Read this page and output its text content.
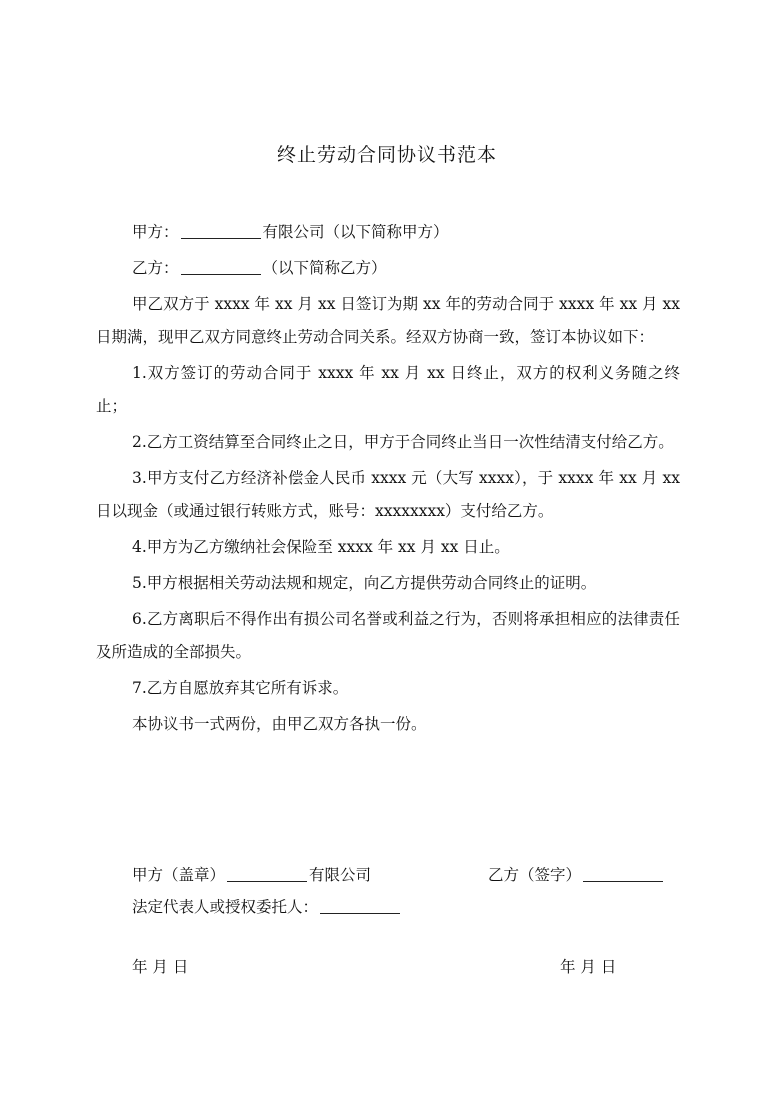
终止劳动合同协议书范本

甲方：	有限公司（以下简称甲方）

乙方：	（以下简称乙方）

甲乙双方于 xxxx 年 xx 月 xx 日签订为期 xx 年的劳动合同于 xxxx 年 xx 月 xx 日期满，现甲乙双方同意终止劳动合同关系。经双方协商一致，签订本协议如下：

1.双方签订的劳动合同于 xxxx 年 xx 月 xx 日终止，双方的权利义务随之终止；

2.乙方工资结算至合同终止之日，甲方于合同终止当日一次性结清支付给乙方。

3.甲方支付乙方经济补偿金人民币 xxxx 元（大写 xxxx），于 xxxx 年 xx 月 xx 日以现金（或通过银行转账方式，账号：xxxxxxxx）支付给乙方。

4.甲方为乙方缴纳社会保险至 xxxx 年 xx 月 xx 日止。

5.甲方根据相关劳动法规和规定，向乙方提供劳动合同终止的证明。

6.乙方离职后不得作出有损公司名誉或利益之行为，否则将承担相应的法律责任及所造成的全部损失。

7.乙方自愿放弃其它所有诉求。

本协议书一式两份，由甲乙双方各执一份。

甲方（盖章）	有限公司	乙方（签字）
法定代表人或授权委托人：
年 月 日	年 月 日
